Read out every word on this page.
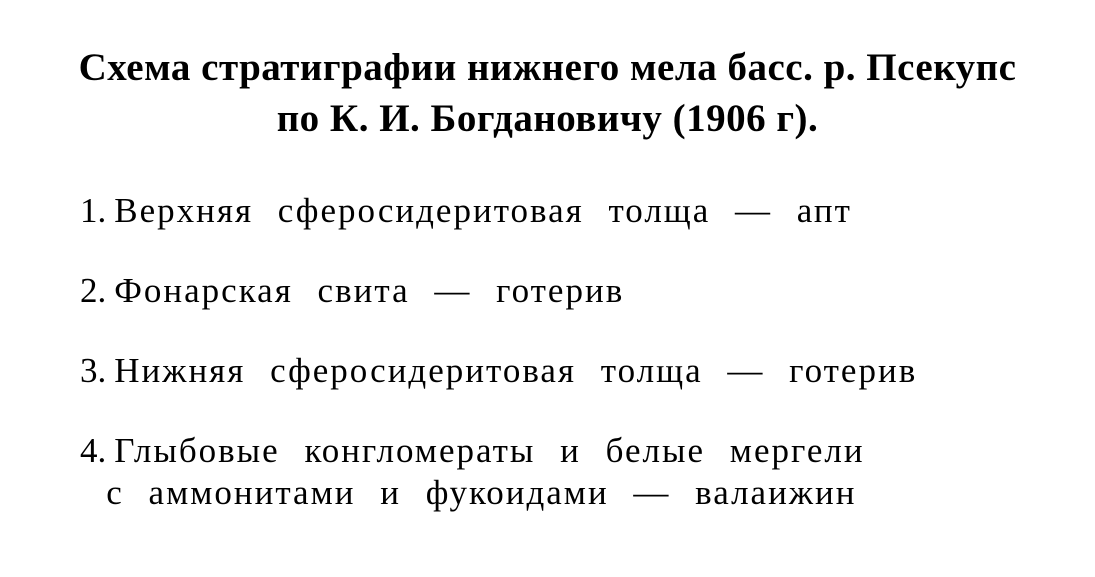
Схема стратиграфии нижнего мела басс. р. Псекупс
по К. И. Богдановичу (1906 г).
1. Верхняя сферосидеритовая толща — апт
2. Фонарская свита — готерив
3. Нижняя сферосидеритовая толща — готерив
4. Глыбовые конгломераты и белые мергели
с аммонитами и фукоидами — валаижин
